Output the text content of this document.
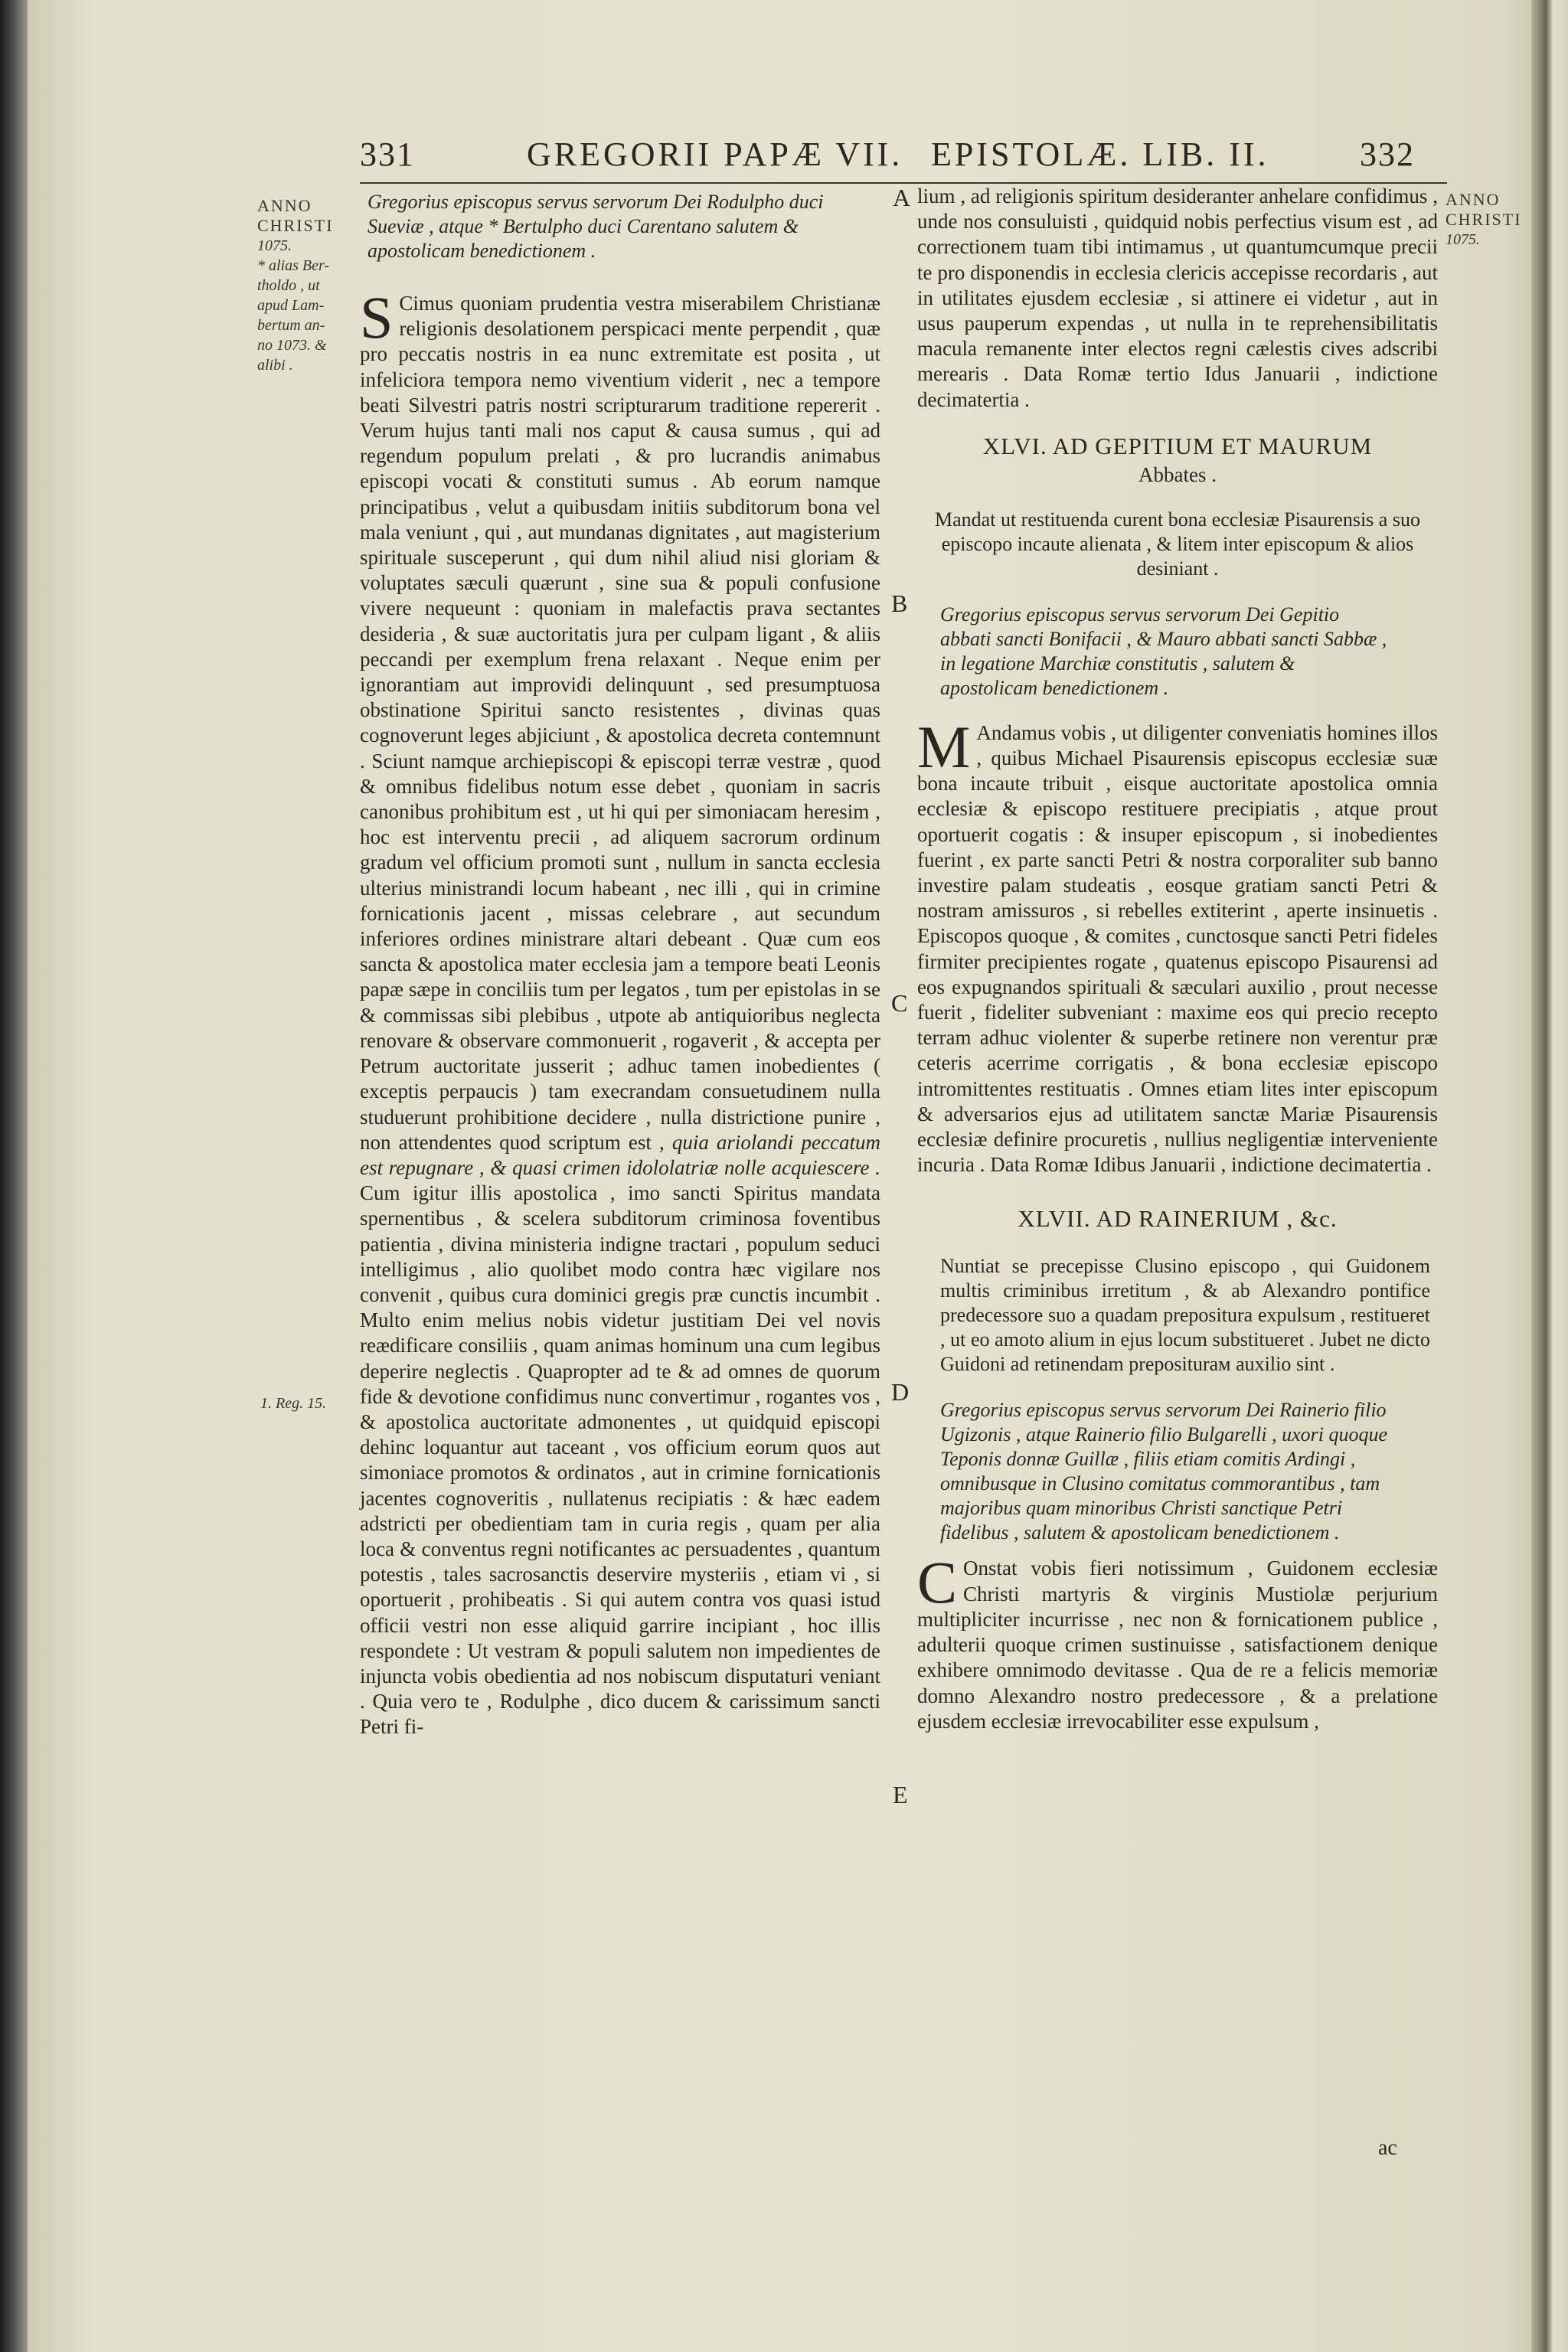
331	GREGORII PAPÆ VII. EPISTOLÆ. LIB. II.	332
ANNO
CHRISTI
1075.
* alias Ber-
tholdo , ut
apud Lam-
bertum an-
no 1073. &
alibi .
1. Reg. 15.
ANNO
CHRISTI
1075.
A
B
C
D
E

Gregorius episcopus servus servorum Dei Rodulpho duci Sueviæ , atque * Bertulpho duci Carentano salutem & apostolicam benedictionem .

S Cimus quoniam prudentia vestra miserabilem Christianæ religionis desolationem perspicaci mente perpendit , quæ pro peccatis nostris in ea nunc extremitate est posita , ut infeliciora tempora nemo viventium viderit , nec a tempore beati Silvestri patris nostri scripturarum traditione repererit . Verum hujus tanti mali nos caput & causa sumus , qui ad regendum populum prelati , & pro lucrandis animabus episcopi vocati & constituti sumus . Ab eorum namque principatibus , velut a quibusdam initiis subditorum bona vel mala veniunt , qui , aut mundanas dignitates , aut magisterium spirituale susceperunt , qui dum nihil aliud nisi gloriam & voluptates sæculi quærunt , sine sua & populi confusione vivere nequeunt : quoniam in malefactis prava sectantes desideria , & suæ auctoritatis jura per culpam ligant , & aliis peccandi per exemplum frena relaxant . Neque enim per ignorantiam aut improvidi delinquunt , sed presumptuosa obstinatione Spiritui sancto resistentes , divinas quas cognoverunt leges abjiciunt , & apostolica decreta contemnunt . Sciunt namque archiepiscopi & episcopi terræ vestræ , quod & omnibus fidelibus notum esse debet , quoniam in sacris canonibus prohibitum est , ut hi qui per simoniacam heresim , hoc est interventu precii , ad aliquem sacrorum ordinum gradum vel officium promoti sunt , nullum in sancta ecclesia ulterius ministrandi locum habeant , nec illi , qui in crimine fornicationis jacent , missas celebrare , aut secundum inferiores ordines ministrare altari debeant . Quæ cum eos sancta & apostolica mater ecclesia jam a tempore beati Leonis papæ sæpe in conciliis tum per legatos , tum per epistolas in se & commissas sibi plebibus , utpote ab antiquioribus neglecta renovare & observare commonuerit , rogaverit , & accepta per Petrum auctoritate jusserit ; adhuc tamen inobedientes ( exceptis perpaucis ) tam execrandam consuetudinem nulla studuerunt prohibitione decidere , nulla districtione punire , non attendentes quod scriptum est , quia ariolandi peccatum est repugnare , & quasi crimen idololatriæ nolle acquiescere . Cum igitur illis apostolica , imo sancti Spiritus mandata spernentibus , & scelera subditorum criminosa foventibus patientia , divina ministeria indigne tractari , populum seduci intelligimus , alio quolibet modo contra hæc vigilare nos convenit , quibus cura dominici gregis præ cunctis incumbit . Multo enim melius nobis videtur justitiam Dei vel novis reædificare consiliis , quam animas hominum una cum legibus deperire neglectis . Quapropter ad te & ad omnes de quorum fide & devotione confidimus nunc convertimur , rogantes vos , & apostolica auctoritate admonentes , ut quidquid episcopi dehinc loquantur aut taceant , vos officium eorum quos aut simoniace promotos & ordinatos , aut in crimine fornicationis jacentes cognoveritis , nullatenus recipiatis : & hæc eadem adstricti per obedientiam tam in curia regis , quam per alia loca & conventus regni notificantes ac persuadentes , quantum potestis , tales sacrosanctis deservire mysteriis , etiam vi , si oportuerit , prohibeatis . Si qui autem contra vos quasi istud officii vestri non esse aliquid garrire incipiant , hoc illis respondete : Ut vestram & populi salutem non impedientes de injuncta vobis obedientia ad nos nobiscum disputaturi veniant . Quia vero te , Rodulphe , dico ducem & carissimum sancti Petri fi-

lium , ad religionis spiritum desideranter anhelare confidimus , unde nos consuluisti , quidquid nobis perfectius visum est , ad correctionem tuam tibi intimamus , ut quantumcumque precii te pro disponendis in ecclesia clericis accepisse recordaris , aut in utilitates ejusdem ecclesiæ , si attinere ei videtur , aut in usus pauperum expendas , ut nulla in te reprehensibilitatis macula remanente inter electos regni cælestis cives adscribi merearis . Data Romæ tertio Idus Januarii , indictione decimatertia .

XLVI. AD GEPITIUM ET MAURUM

Abbates .

Mandat ut restituenda curent bona ecclesiæ Pisaurensis a suo episcopo incaute alienata , & litem inter episcopum & alios desiniant .

Gregorius episcopus servus servorum Dei Gepitio abbati sancti Bonifacii , & Mauro abbati sancti Sabbæ , in legatione Marchiæ constitutis , salutem & apostolicam benedictionem .

M Andamus vobis , ut diligenter conveniatis homines illos , quibus Michael Pisaurensis episcopus ecclesiæ suæ bona incaute tribuit , eisque auctoritate apostolica omnia ecclesiæ & episcopo restituere precipiatis , atque prout oportuerit cogatis : & insuper episcopum , si inobedientes fuerint , ex parte sancti Petri & nostra corporaliter sub banno investire palam studeatis , eosque gratiam sancti Petri & nostram amissuros , si rebelles extiterint , aperte insinuetis . Episcopos quoque , & comites , cunctosque sancti Petri fideles firmiter precipientes rogate , quatenus episcopo Pisaurensi ad eos expugnandos spirituali & sæculari auxilio , prout necesse fuerit , fideliter subveniant : maxime eos qui precio recepto terram adhuc violenter & superbe retinere non verentur præ ceteris acerrime corrigatis , & bona ecclesiæ episcopo intromittentes restituatis . Omnes etiam lites inter episcopum & adversarios ejus ad utilitatem sanctæ Mariæ Pisaurensis ecclesiæ definire procuretis , nullius negligentiæ interveniente incuria . Data Romæ Idibus Januarii , indictione decimatertia .

XLVII. AD RAINERIUM , &c.

Nuntiat se precepisse Clusino episcopo , qui Guidonem multis criminibus irretitum , & ab Alexandro pontifice predecessore suo a quadam prepositura expulsum , restitueret , ut eo amoto alium in ejus locum substitueret . Jubet ne dicto Guidoni ad retinendam prepositurам auxilio sint .

Gregorius episcopus servus servorum Dei Rainerio filio Ugizonis , atque Rainerio filio Bulgarelli , uxori quoque Teponis donnæ Guillæ , filiis etiam comitis Ardingi , omnibusque in Clusino comitatus commorantibus , tam majoribus quam minoribus Christi sanctique Petri fidelibus , salutem & apostolicam benedictionem .

C Onstat vobis fieri notissimum , Guidonem ecclesiæ Christi martyris & virginis Mustiolæ perjurium multipliciter incurrisse , nec non & fornicationem publice , adulterii quoque crimen sustinuisse , satisfactionem denique exhibere omnimodo devitasse . Qua de re a felicis memoriæ domno Alexandro nostro predecessore , & a prelatione ejusdem ecclesiæ irrevocabiliter esse expulsum ,
ac
